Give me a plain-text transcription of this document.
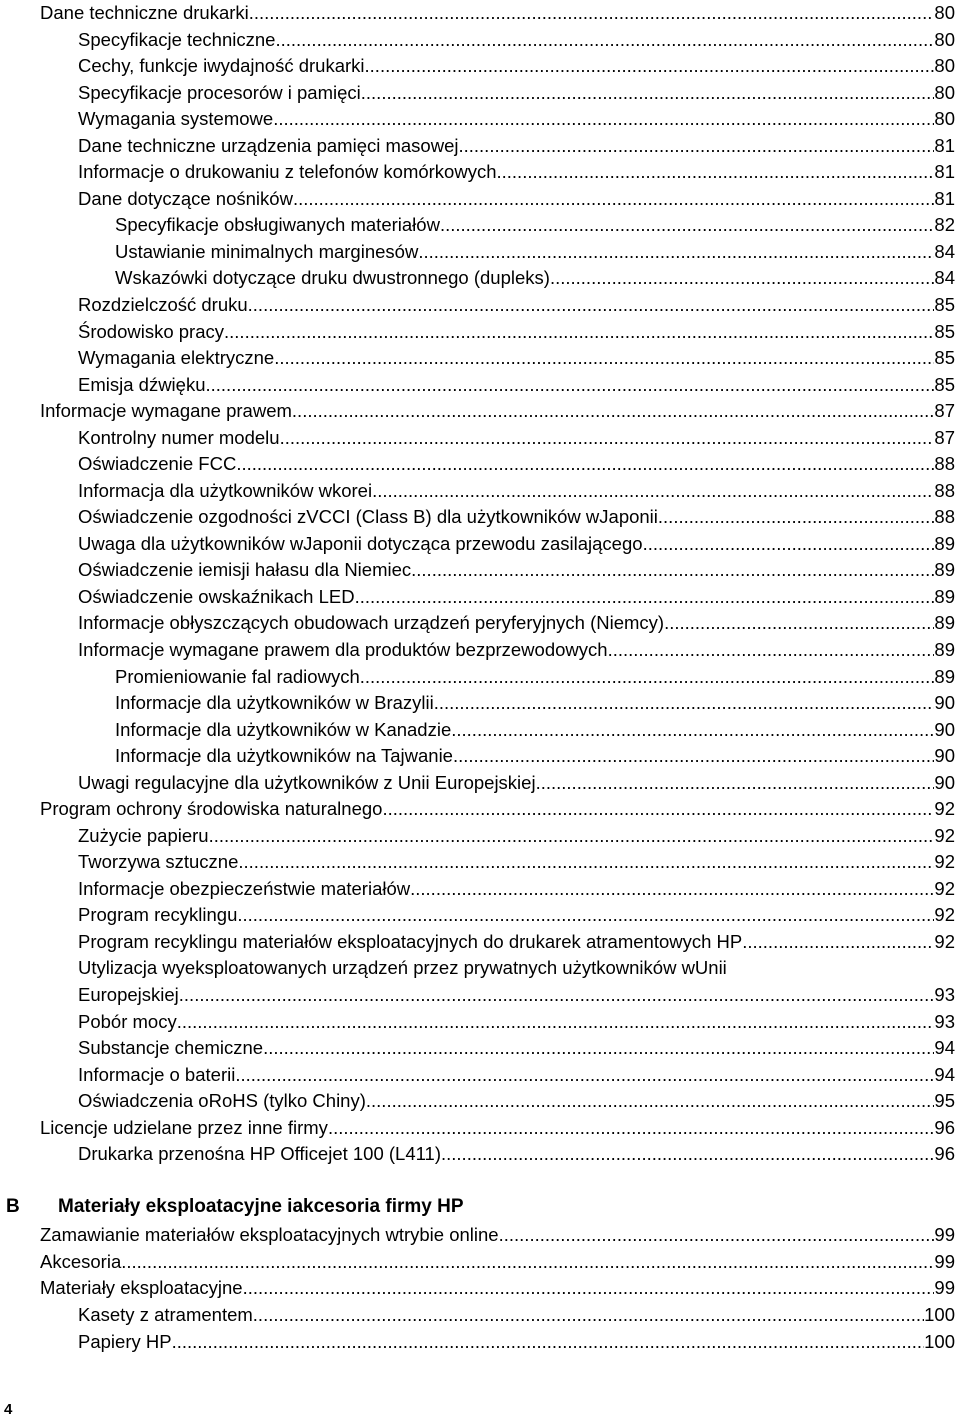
Dane techniczne drukarki .....	80
Specyfikacje techniczne .....	80
Cechy, funkcje iwydajność drukarki .....	80
Specyfikacje procesorów i pamięci .....	80
Wymagania systemowe .....	80
Dane techniczne urządzenia pamięci masowej .....	81
Informacje o drukowaniu z telefonów komórkowych .....	81
Dane dotyczące nośników .....	81
Specyfikacje obsługiwanych materiałów .....	82
Ustawianie minimalnych marginesów .....	84
Wskazówki dotyczące druku dwustronnego (dupleks) .....	84
Rozdzielczość druku .....	85
Środowisko pracy .....	85
Wymagania elektryczne .....	85
Emisja dźwięku .....	85
Informacje wymagane prawem .....	87
Kontrolny numer modelu .....	87
Oświadczenie FCC .....	88
Informacja dla użytkowników wkorei .....	88
Oświadczenie ozgodności zVCCI (Class B) dla użytkowników wJaponii .....	88
Uwaga dla użytkowników wJaponii dotycząca przewodu zasilającego .....	89
Oświadczenie iemisji hałasu dla Niemiec .....	89
Oświadczenie owskaźnikach LED .....	89
Informacje obłyszczących obudowach urządzeń peryferyjnych (Niemcy) .....	89
Informacje wymagane prawem dla produktów bezprzewodowych .....	89
Promieniowanie fal radiowych .....	89
Informacje dla użytkowników w Brazylii .....	90
Informacje dla użytkowników w Kanadzie .....	90
Informacje dla użytkowników na Tajwanie .....	90
Uwagi regulacyjne dla użytkowników z Unii Europejskiej .....	90
Program ochrony środowiska naturalnego .....	92
Zużycie papieru .....	92
Tworzywa sztuczne .....	92
Informacje obezpieczeństwie materiałów .....	92
Program recyklingu .....	92
Program recyklingu materiałów eksploatacyjnych do drukarek atramentowych HP .....	92
Utylizacja wyeksploatowanych urządzeń przez prywatnych użytkowników wUnii
Europejskiej .....	93
Pobór mocy .....	93
Substancje chemiczne .....	94
Informacje o baterii .....	94
Oświadczenia oRoHS (tylko Chiny) .....	95
Licencje udzielane przez inne firmy .....	96
Drukarka przenośna HP Officejet 100 (L411) .....	96
B Materiały eksploatacyjne iakcesoria firmy HP
Zamawianie materiałów eksploatacyjnych wtrybie online .....	99
Akcesoria .....	99
Materiały eksploatacyjne .....	99
Kasety z atramentem .....	100
Papiery HP .....	100
4
